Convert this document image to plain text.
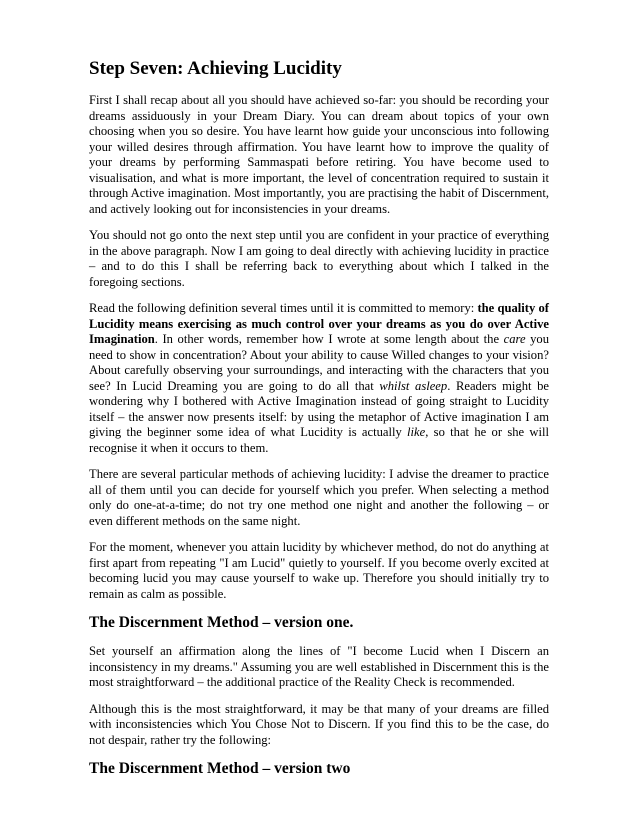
Step Seven: Achieving Lucidity

First I shall recap about all you should have achieved so-far: you should be recording your dreams assiduously in your Dream Diary. You can dream about topics of your own choosing when you so desire. You have learnt how guide your unconscious into following your willed desires through affirmation. You have learnt how to improve the quality of your dreams by performing Sammaspati before retiring. You have become used to visualisation, and what is more important, the level of concentration required to sustain it through Active imagination. Most importantly, you are practising the habit of Discernment, and actively looking out for inconsistencies in your dreams.

You should not go onto the next step until you are confident in your practice of everything in the above paragraph. Now I am going to deal directly with achieving lucidity in practice – and to do this I shall be referring back to everything about which I talked in the foregoing sections.

Read the following definition several times until it is committed to memory: the quality of Lucidity means exercising as much control over your dreams as you do over Active Imagination. In other words, remember how I wrote at some length about the care you need to show in concentration? About your ability to cause Willed changes to your vision? About carefully observing your surroundings, and interacting with the characters that you see? In Lucid Dreaming you are going to do all that whilst asleep. Readers might be wondering why I bothered with Active Imagination instead of going straight to Lucidity itself – the answer now presents itself: by using the metaphor of Active imagination I am giving the beginner some idea of what Lucidity is actually like, so that he or she will recognise it when it occurs to them.

There are several particular methods of achieving lucidity: I advise the dreamer to practice all of them until you can decide for yourself which you prefer. When selecting a method only do one-at-a-time; do not try one method one night and another the following – or even different methods on the same night.

For the moment, whenever you attain lucidity by whichever method, do not do anything at first apart from repeating "I am Lucid" quietly to yourself. If you become overly excited at becoming lucid you may cause yourself to wake up. Therefore you should initially try to remain as calm as possible.

The Discernment Method – version one.

Set yourself an affirmation along the lines of "I become Lucid when I Discern an inconsistency in my dreams." Assuming you are well established in Discernment this is the most straightforward – the additional practice of the Reality Check is recommended.

Although this is the most straightforward, it may be that many of your dreams are filled with inconsistencies which You Chose Not to Discern. If you find this to be the case, do not despair, rather try the following:

The Discernment Method – version two
